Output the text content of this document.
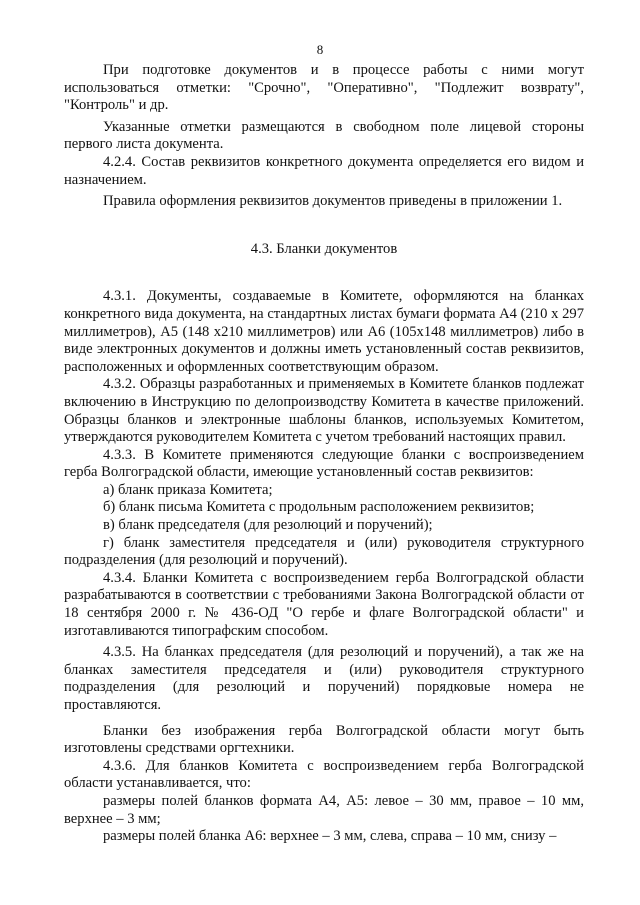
8

При подготовке документов и в процессе работы с ними могут использоваться отметки: "Срочно", "Оперативно", "Подлежит возврату", "Контроль" и др.

Указанные отметки размещаются в свободном поле лицевой стороны первого листа документа.

4.2.4. Состав реквизитов конкретного документа определяется его видом и назначением.

Правила оформления реквизитов документов приведены в приложении 1.

4.3. Бланки документов

4.3.1. Документы, создаваемые в Комитете, оформляются на бланках конкретного вида документа, на стандартных листах бумаги формата А4 (210 х 297 миллиметров), А5 (148 х210 миллиметров) или А6 (105х148 миллиметров) либо в виде электронных документов и должны иметь установленный состав реквизитов, расположенных и оформленных соответствующим образом.

4.3.2. Образцы разработанных и применяемых в Комитете бланков подлежат включению в Инструкцию по делопроизводству Комитета в качестве приложений. Образцы бланков и электронные шаблоны бланков, используемых Комитетом, утверждаются руководителем Комитета с учетом требований настоящих правил.

4.3.3. В Комитете применяются следующие бланки с воспроизведением герба Волгоградской области, имеющие установленный состав реквизитов:

а) бланк приказа Комитета;

б) бланк письма Комитета с продольным расположением реквизитов;

в) бланк председателя (для резолюций и поручений);

г) бланк заместителя председателя и (или) руководителя структурного подразделения (для резолюций и поручений).

4.3.4. Бланки Комитета с воспроизведением герба Волгоградской области разрабатываются в соответствии с требованиями Закона Волгоградской области от 18 сентября 2000 г. № 436-ОД "О гербе и флаге Волгоградской области" и изготавливаются типографским способом.

4.3.5. На бланках председателя (для резолюций и поручений), а так же на бланках заместителя председателя и (или) руководителя структурного подразделения (для резолюций и поручений) порядковые номера не проставляются.

Бланки без изображения герба Волгоградской области могут быть изготовлены средствами оргтехники.

4.3.6. Для бланков Комитета с воспроизведением герба Волгоградской области устанавливается, что:

размеры полей бланков формата А4, А5: левое – 30 мм, правое – 10 мм, верхнее – 3 мм;

размеры полей бланка А6: верхнее – 3 мм, слева, справа – 10 мм, снизу –
